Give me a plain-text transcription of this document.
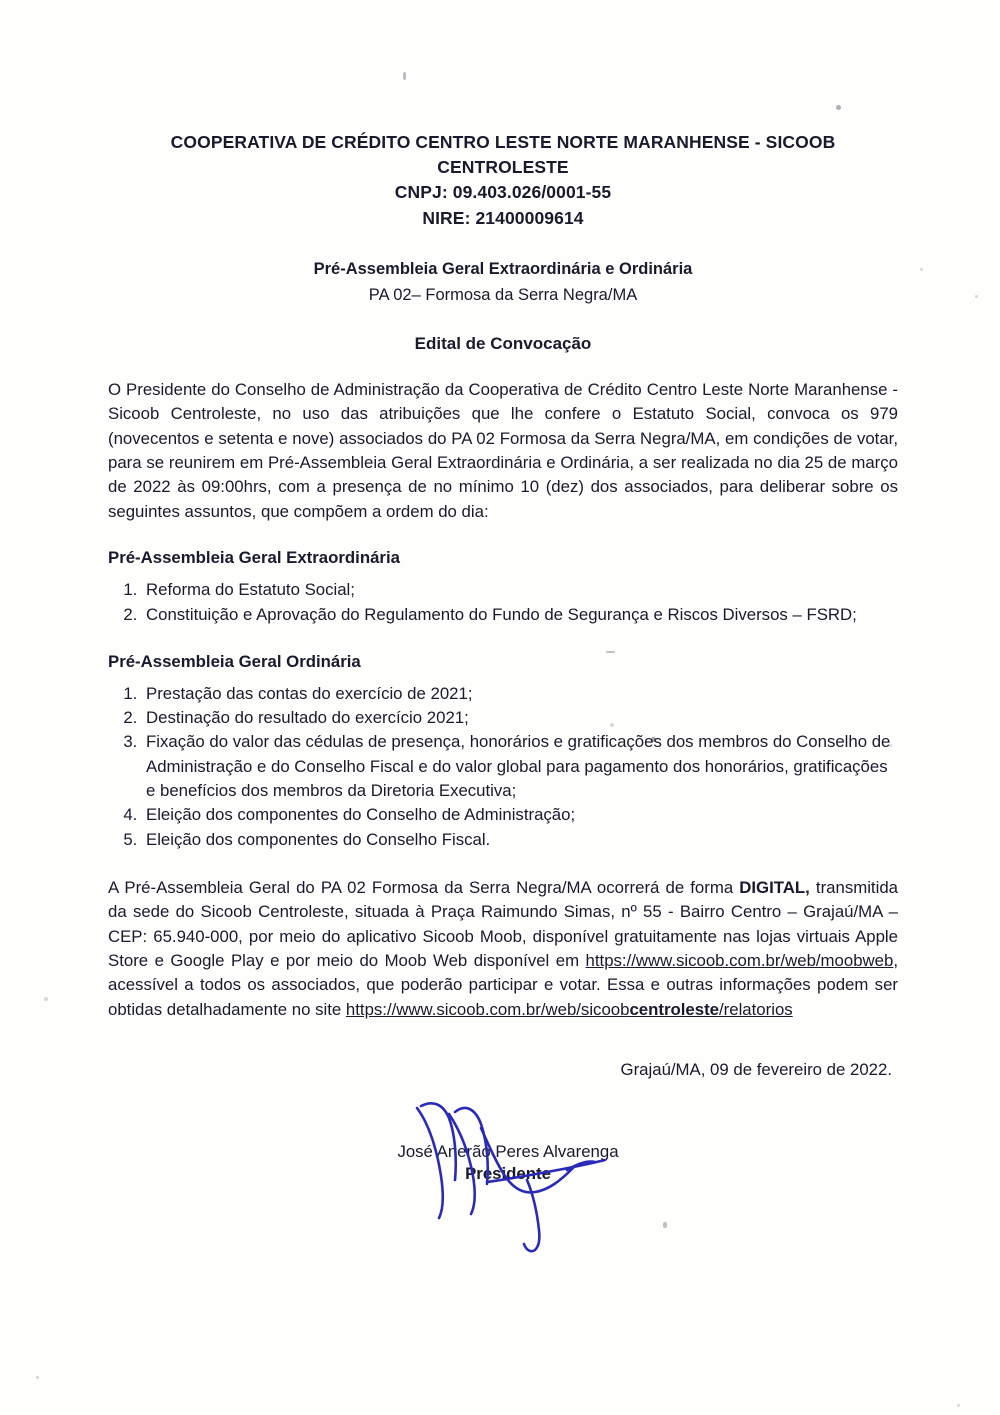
COOPERATIVA DE CRÉDITO CENTRO LESTE NORTE MARANHENSE - SICOOB
CENTROLESTE
CNPJ: 09.403.026/0001-55
NIRE: 21400009614
Pré-Assembleia Geral Extraordinária e Ordinária
PA 02– Formosa da Serra Negra/MA
Edital de Convocação

O Presidente do Conselho de Administração da Cooperativa de Crédito Centro Leste Norte Maranhense - Sicoob Centroleste, no uso das atribuições que lhe confere o Estatuto Social, convoca os 979 (novecentos e setenta e nove) associados do PA 02 Formosa da Serra Negra/MA, em condições de votar, para se reunirem em Pré-Assembleia Geral Extraordinária e Ordinária, a ser realizada no dia 25 de março de 2022 às 09:00hrs, com a presença de no mínimo 10 (dez) dos associados, para deliberar sobre os seguintes assuntos, que compõem a ordem do dia:

Pré-Assembleia Geral Extraordinária
1. Reforma do Estatuto Social;
2. Constituição e Aprovação do Regulamento do Fundo de Segurança e Riscos Diversos – FSRD;
Pré-Assembleia Geral Ordinária
1. Prestação das contas do exercício de 2021;
2. Destinação do resultado do exercício 2021;
3. Fixação do valor das cédulas de presença, honorários e gratificações dos membros do Conselho de Administração e do Conselho Fiscal e do valor global para pagamento dos honorários, gratificações e benefícios dos membros da Diretoria Executiva;
4. Eleição dos componentes do Conselho de Administração;
5. Eleição dos componentes do Conselho Fiscal.

A Pré-Assembleia Geral do PA 02 Formosa da Serra Negra/MA ocorrerá de forma DIGITAL, transmitida da sede do Sicoob Centroleste, situada à Praça Raimundo Simas, nº 55 - Bairro Centro – Grajaú/MA – CEP: 65.940-000, por meio do aplicativo Sicoob Moob, disponível gratuitamente nas lojas virtuais Apple Store e Google Play e por meio do Moob Web disponível em https://www.sicoob.com.br/web/moobweb, acessível a todos os associados, que poderão participar e votar. Essa e outras informações podem ser obtidas detalhadamente no site https://www.sicoob.com.br/web/sicoobcentroleste/relatorios

Grajaú/MA, 09 de fevereiro de 2022.
José Anerão Peres Alvarenga
Presidente
